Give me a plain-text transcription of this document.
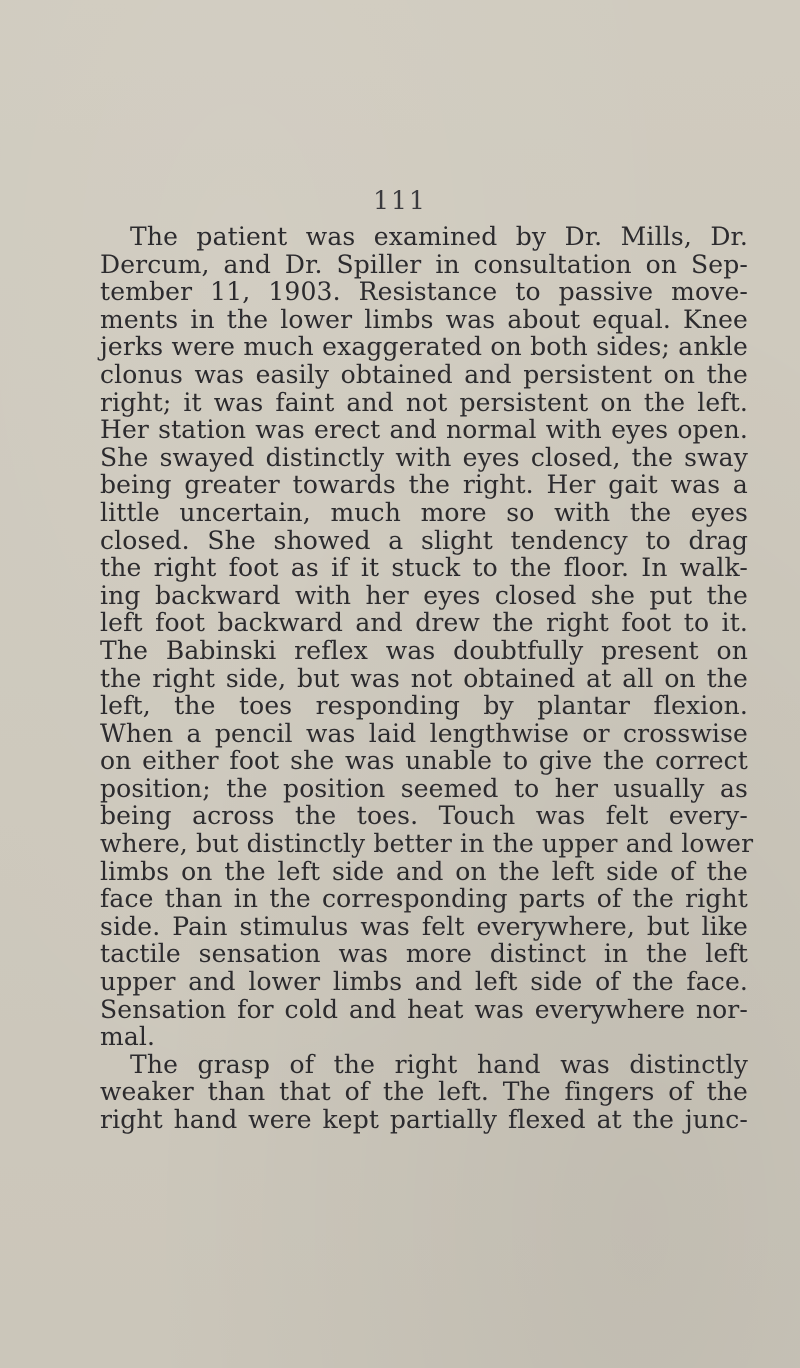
111
The patient was examined by Dr. Mills, Dr.
Dercum, and Dr. Spiller in consultation on Sep-
tember 11, 1903. Resistance to passive move-
ments in the lower limbs was about equal. Knee
jerks were much exaggerated on both sides; ankle
clonus was easily obtained and persistent on the
right; it was faint and not persistent on the left.
Her station was erect and normal with eyes open.
She swayed distinctly with eyes closed, the sway
being greater towards the right. Her gait was a
little uncertain, much more so with the eyes
closed. She showed a slight tendency to drag
the right foot as if it stuck to the floor. In walk-
ing backward with her eyes closed she put the
left foot backward and drew the right foot to it.
The Babinski reflex was doubtfully present on
the right side, but was not obtained at all on the
left, the toes responding by plantar flexion.
When a pencil was laid lengthwise or crosswise
on either foot she was unable to give the correct
position; the position seemed to her usually as
being across the toes. Touch was felt every-
where, but distinctly better in the upper and lower
limbs on the left side and on the left side of the
face than in the corresponding parts of the right
side. Pain stimulus was felt everywhere, but like
tactile sensation was more distinct in the left
upper and lower limbs and left side of the face.
Sensation for cold and heat was everywhere nor-
mal.
The grasp of the right hand was distinctly
weaker than that of the left. The fingers of the
right hand were kept partially flexed at the junc-
